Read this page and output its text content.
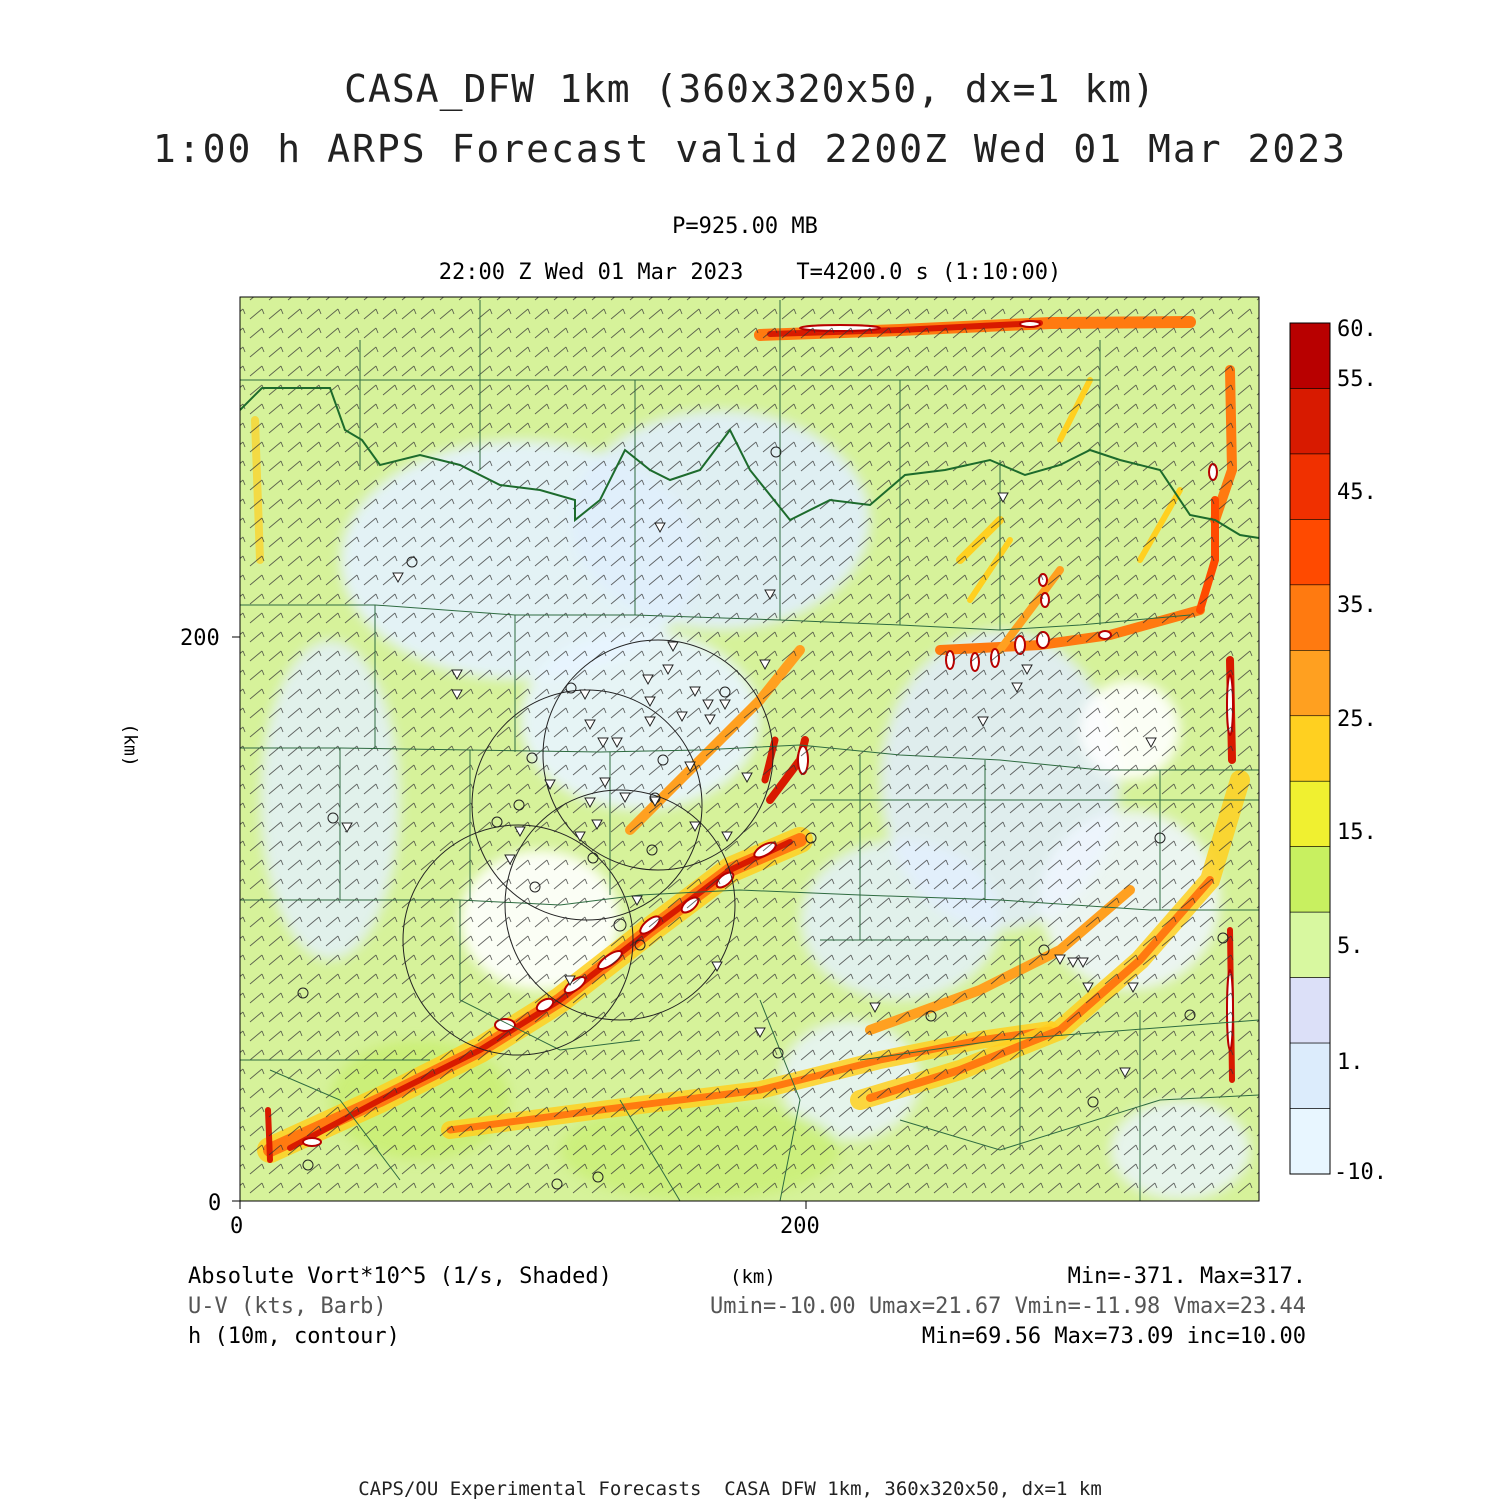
CASA_DFW 1km (360x320x50, dx=1 km)
1:00 h ARPS Forecast valid 2200Z Wed 01 Mar 2023
P=925.00 MB
22:00 Z Wed 01 Mar 2023    T=4200.0 s (1:10:00)
0	200
0
200
(km)
(km)
60.
55.
45.
35.
25.
15.
5.
1.
-10.
Absolute Vort*10^5 (1/s, Shaded)
U-V (kts, Barb)
h (10m, contour)
Min=-371. Max=317.
Umin=-10.00 Umax=21.67 Vmin=-11.98 Vmax=23.44
Min=69.56 Max=73.09 inc=10.00
CAPS/OU Experimental Forecasts  CASA DFW 1km, 360x320x50, dx=1 km
